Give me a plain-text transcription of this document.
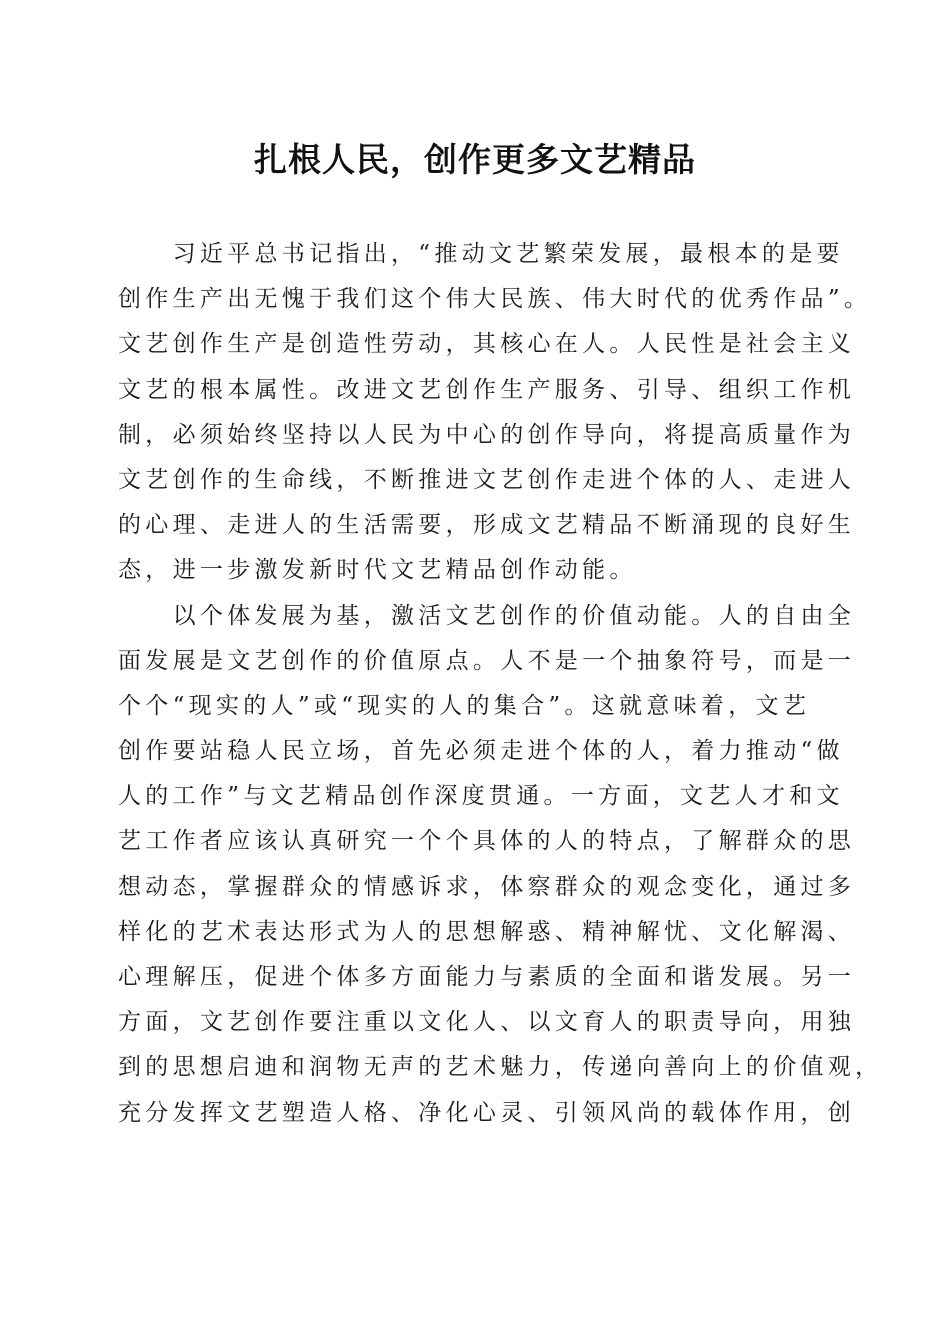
扎根人民，创作更多文艺精品
　　习近平总书记指出，“推动文艺繁荣发展，最根本的是要
创作生产出无愧于我们这个伟大民族、伟大时代的优秀作品”。
文艺创作生产是创造性劳动，其核心在人。人民性是社会主义
文艺的根本属性。改进文艺创作生产服务、引导、组织工作机
制，必须始终坚持以人民为中心的创作导向，将提高质量作为
文艺创作的生命线，不断推进文艺创作走进个体的人、走进人
的心理、走进人的生活需要，形成文艺精品不断涌现的良好生
态，进一步激发新时代文艺精品创作动能。
　　以个体发展为基，激活文艺创作的价值动能。人的自由全
面发展是文艺创作的价值原点。人不是一个抽象符号，而是一
个个“现实的人”或“现实的人的集合”。这就意味着，文艺
创作要站稳人民立场，首先必须走进个体的人，着力推动“做
人的工作”与文艺精品创作深度贯通。一方面，文艺人才和文
艺工作者应该认真研究一个个具体的人的特点，了解群众的思
想动态，掌握群众的情感诉求，体察群众的观念变化，通过多
样化的艺术表达形式为人的思想解惑、精神解忧、文化解渴、
心理解压，促进个体多方面能力与素质的全面和谐发展。另一
方面，文艺创作要注重以文化人、以文育人的职责导向，用独
到的思想启迪和润物无声的艺术魅力，传递向善向上的价值观，
充分发挥文艺塑造人格、净化心灵、引领风尚的载体作用，创
